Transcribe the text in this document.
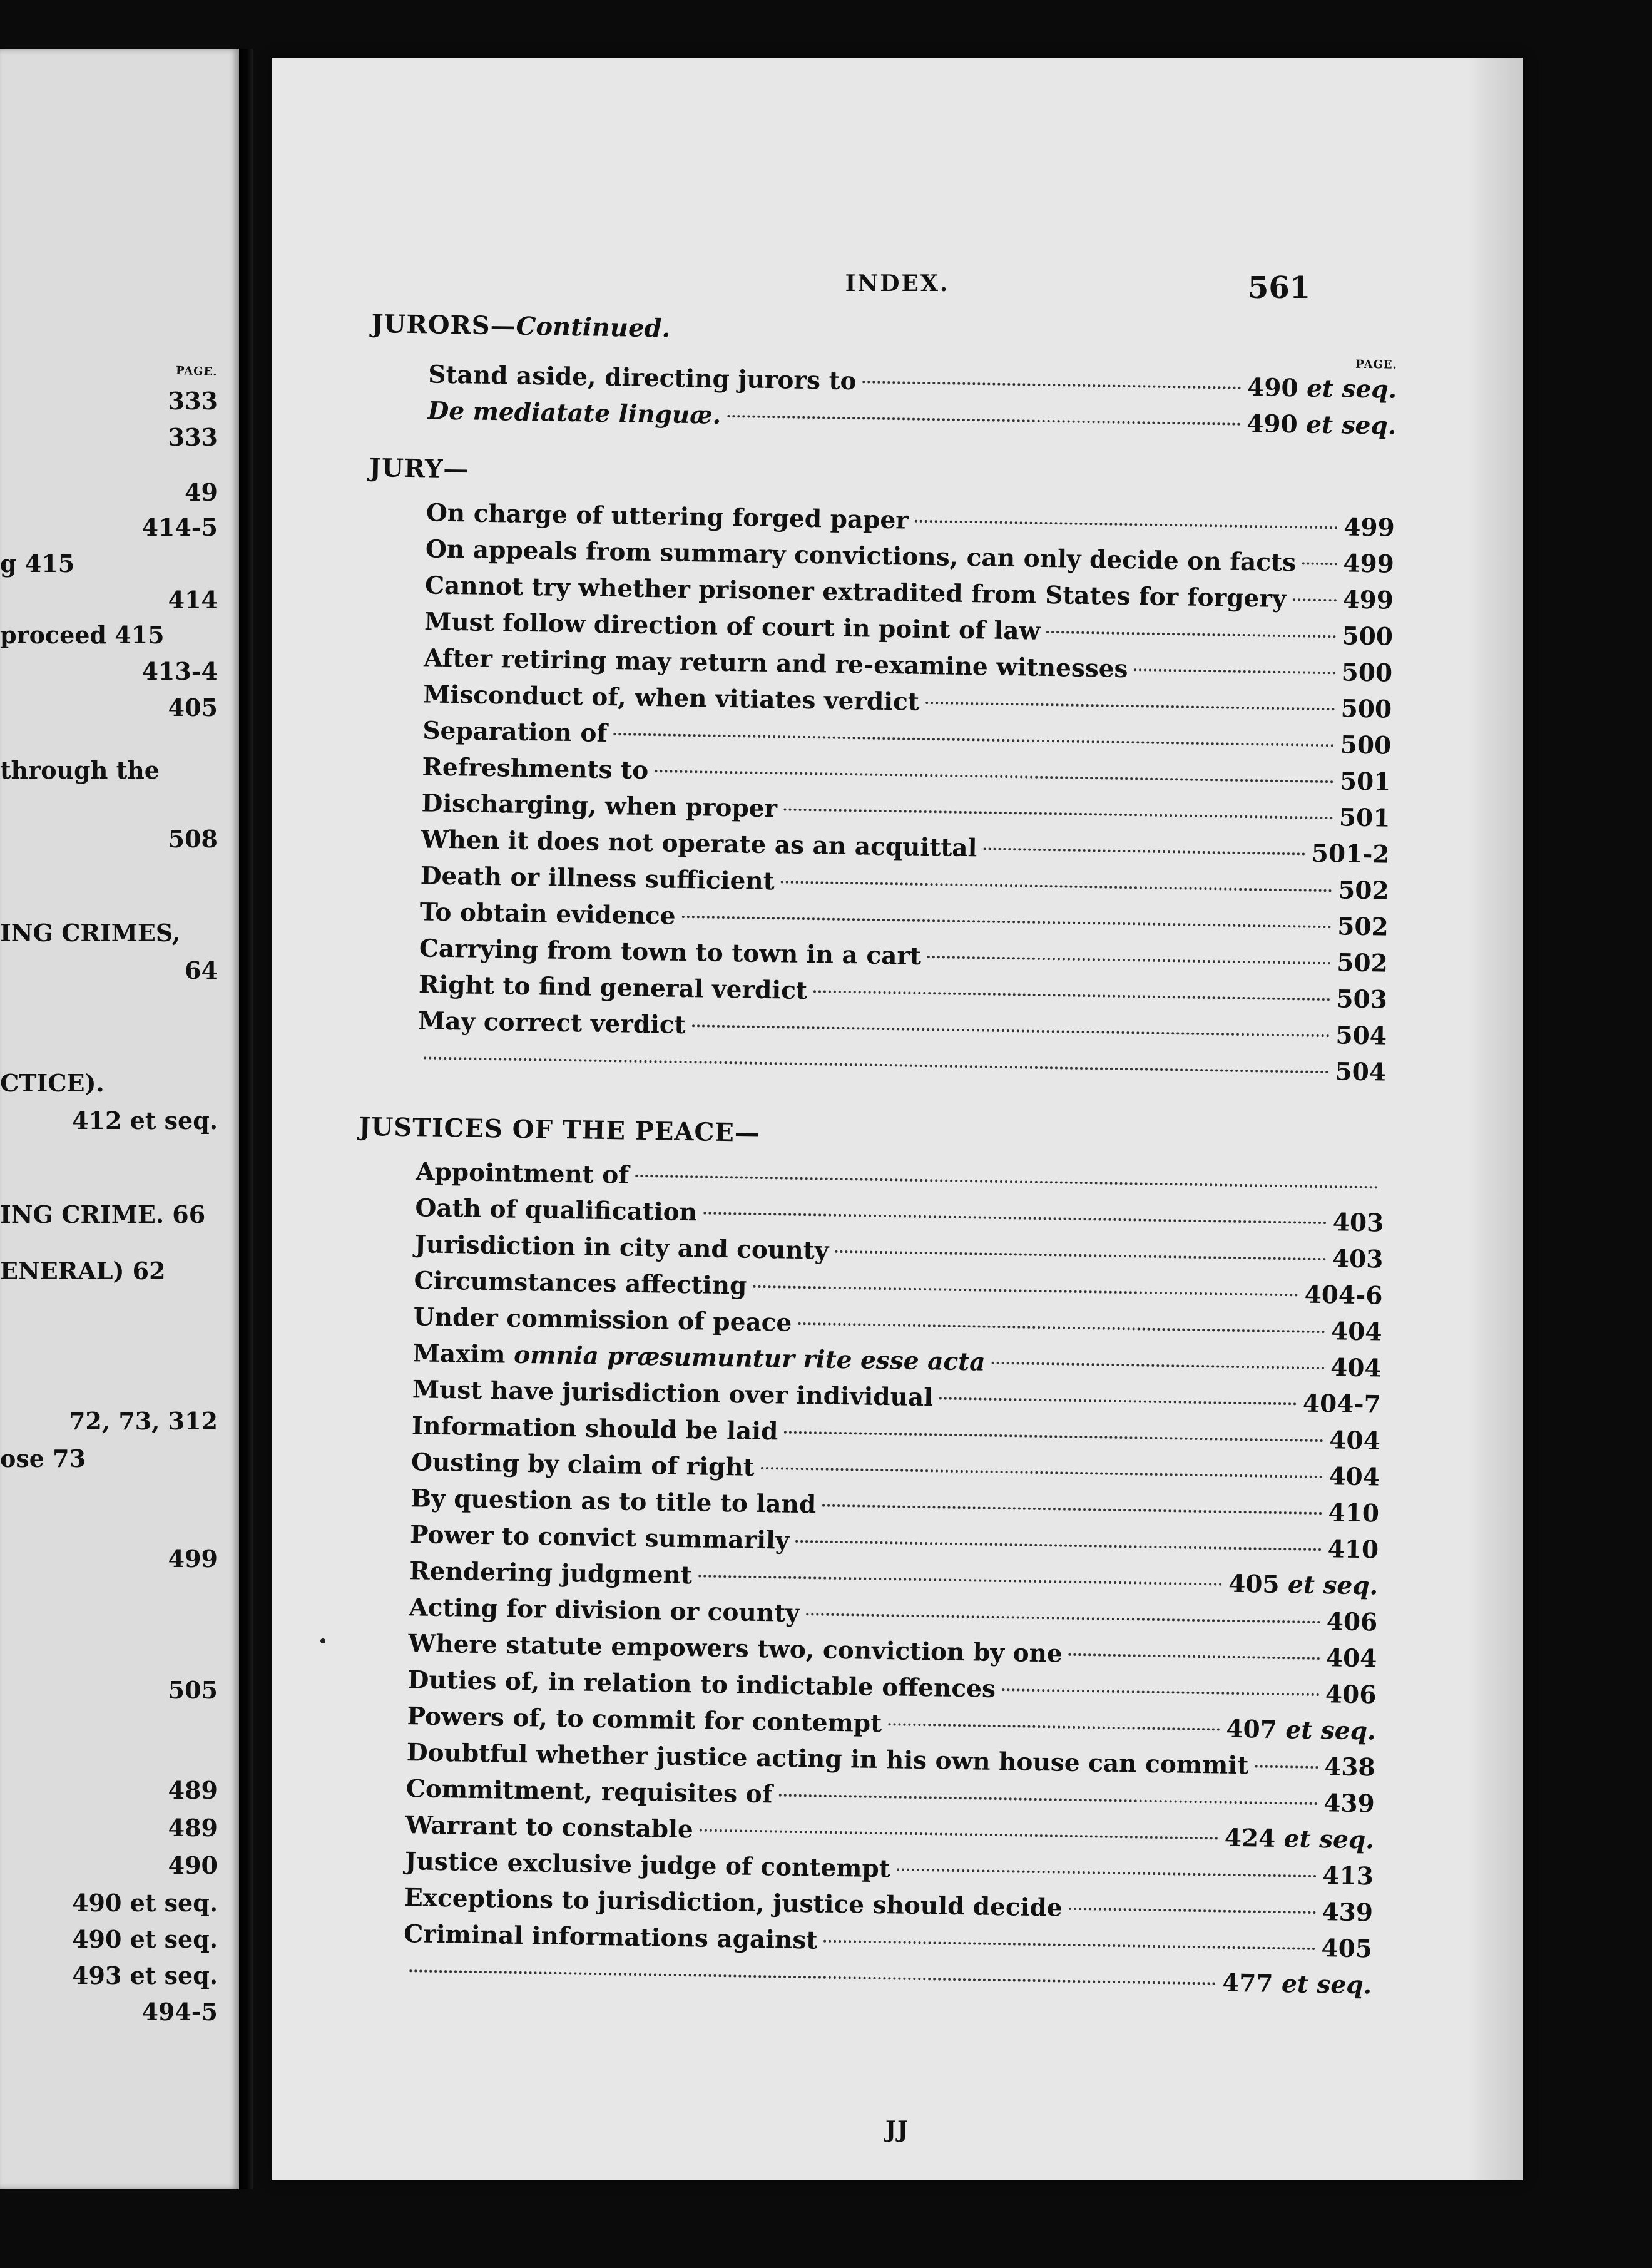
PAGE.
333
333
49
414-5
g 415
414
proceed 415
413-4
405
through the
508
ING CRIMES,
64
CTICE).
412 et seq.
ING CRIME. 66
ENERAL) 62
72, 73, 312
ose 73
499
505
489
489
490
490 et seq.
490 et seq.
493 et seq.
494-5
INDEX.	561
JURORS—Continued.
PAGE.
Stand aside, directing jurors to	490 et seq.
De mediatate linguæ.	490 et seq.
JURY—
On charge of uttering forged paper	499
On appeals from summary convictions, can only decide on facts 499
Cannot try whether prisoner extradited from States for forgery 499
Must follow direction of court in point of law	500
After retiring may return and re-examine witnesses	500
Misconduct of, when vitiates verdict	500
Separation of	500
Refreshments to	501
Discharging, when proper	501
When it does not operate as an acquittal	501-2
Death or illness sufficient	502
To obtain evidence	502
Carrying from town to town in a cart	502
Right to find general verdict	503
May correct verdict	504
504
JUSTICES OF THE PEACE—
Appointment of
Oath of qualification	403
Jurisdiction in city and county	403
Circumstances affecting	404-6
Under commission of peace	404
Maxim omnia præsumuntur rite esse acta	404
Must have jurisdiction over individual	404-7
Information should be laid	404
Ousting by claim of right	404
By question as to title to land	410
Power to convict summarily	410
Rendering judgment	405 et seq.
Acting for division or county	406
Where statute empowers two, conviction by one	404
Duties of, in relation to indictable offences	406
Powers of, to commit for contempt	407 et seq.
Doubtful whether justice acting in his own house can commit	438
Commitment, requisites of	439
Warrant to constable	424 et seq.
Justice exclusive judge of contempt	413
Exceptions to jurisdiction, justice should decide	439
Criminal informations against	405
477 et seq.
JJ
